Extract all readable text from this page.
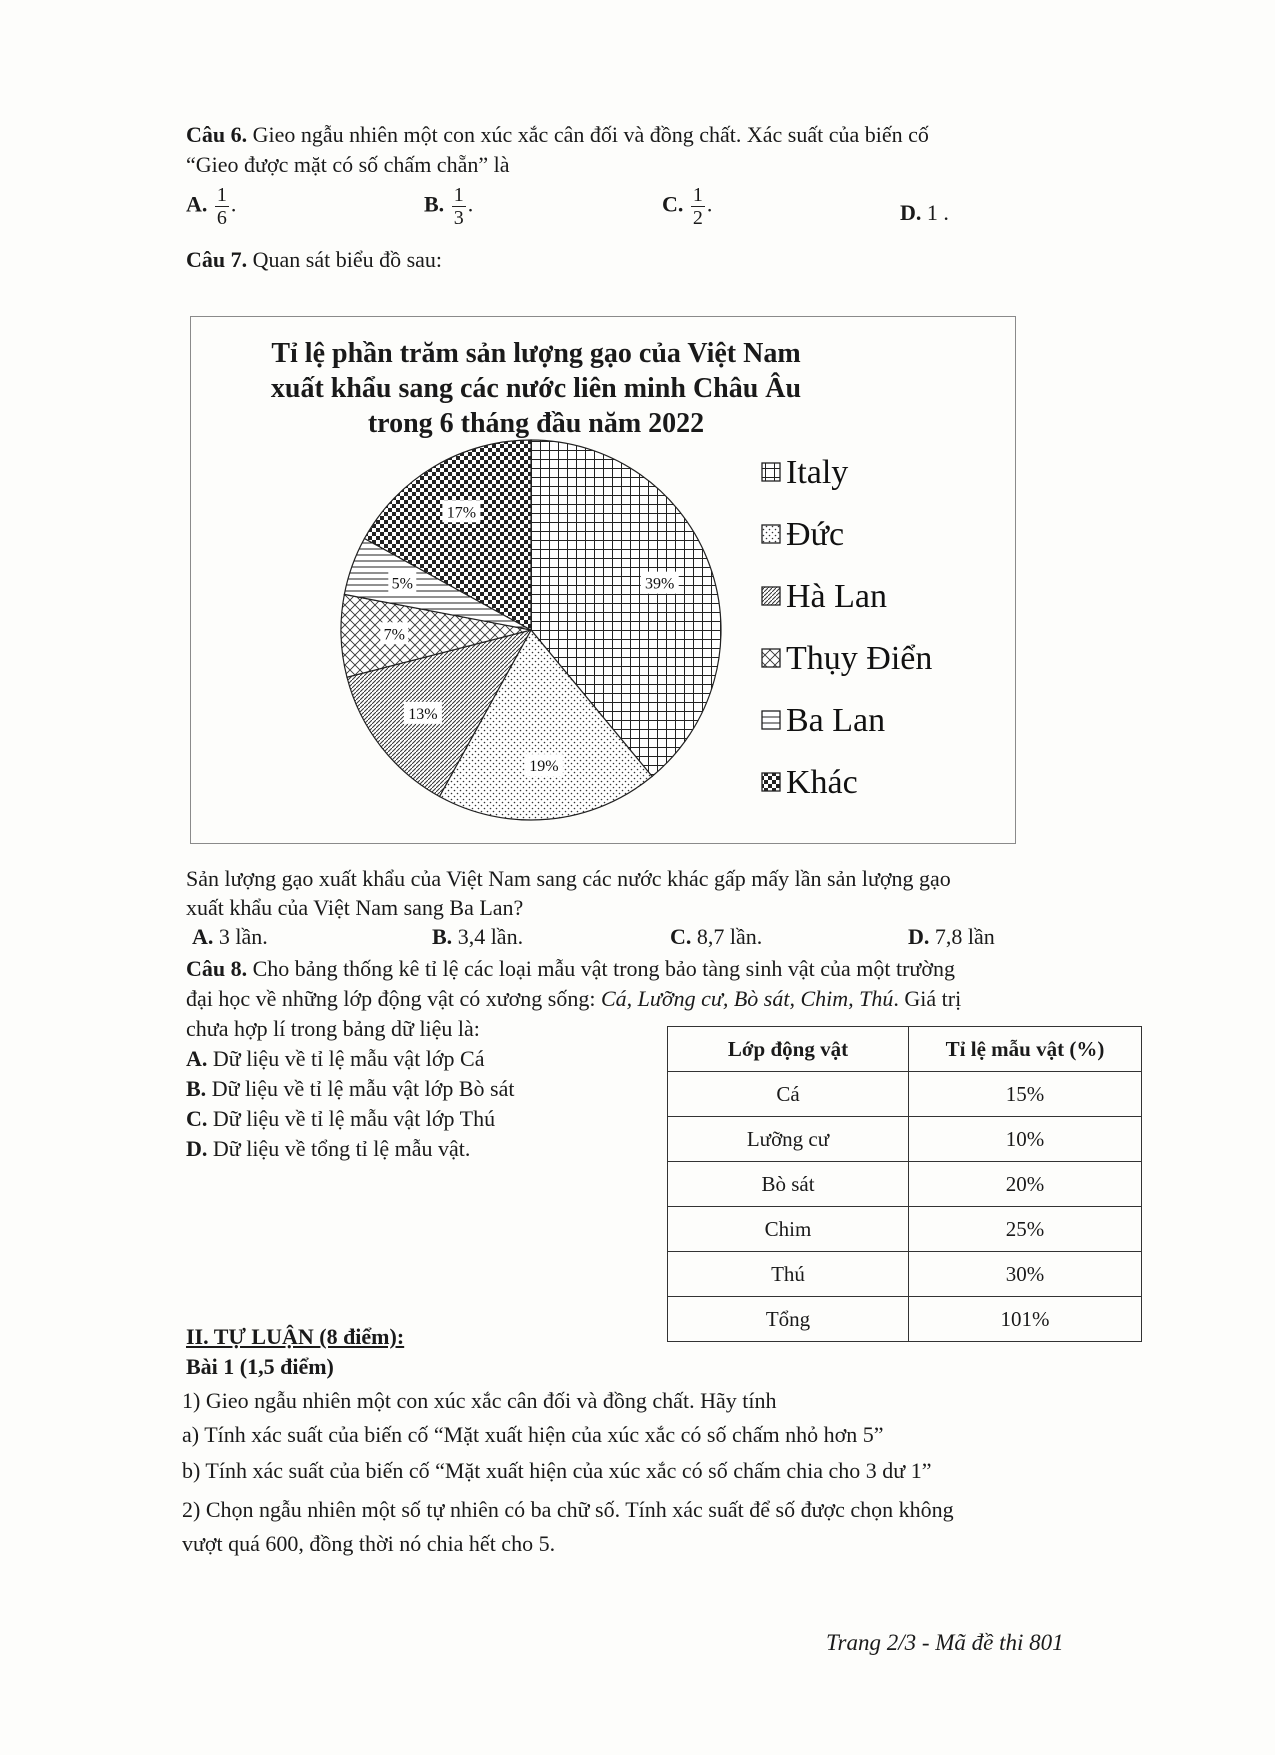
Câu 6. Gieo ngẫu nhiên một con xúc xắc cân đối và đồng chất. Xác suất của biến cố
“Gieo được mặt có số chấm chẵn” là
A. $\frac{1}{6}$ .	B. $\frac{1}{3}$ .	C. $\frac{1}{2}$ .	D. 1 .
Câu 7. Quan sát biểu đồ sau:
39%
19%
13%
7%
5%
17%
Italy
Đức
Hà Lan
Thụy Điển
Ba Lan
Khác
Tỉ lệ phần trăm sản lượng gạo của Việt Nam
xuất khẩu sang các nước liên minh Châu Âu
trong 6 tháng đầu năm 2022
Sản lượng gạo xuất khẩu của Việt Nam sang các nước khác gấp mấy lần sản lượng gạo
xuất khẩu của Việt Nam sang Ba Lan?
A. 3 lần.	B. 3,4 lần.	C. 8,7 lần.	D. 7,8 lần
Câu 8. Cho bảng thống kê tỉ lệ các loại mẫu vật trong bảo tàng sinh vật của một trường
đại học về những lớp động vật có xương sống: Cá, Lưỡng cư, Bò sát, Chim, Thú. Giá trị
chưa hợp lí trong bảng dữ liệu là:
A. Dữ liệu về tỉ lệ mẫu vật lớp Cá
B. Dữ liệu về tỉ lệ mẫu vật lớp Bò sát
C. Dữ liệu về tỉ lệ mẫu vật lớp Thú
D. Dữ liệu về tổng tỉ lệ mẫu vật.
Lớp động vật	Tỉ lệ mẫu vật (%)
Cá	15%
Lưỡng cư	10%
Bò sát	20%
Chim	25%
Thú	30%
Tổng	101%
II. TỰ LUẬN (8 điểm):
Bài 1 (1,5 điểm)
1) Gieo ngẫu nhiên một con xúc xắc cân đối và đồng chất. Hãy tính
a) Tính xác suất của biến cố “Mặt xuất hiện của xúc xắc có số chấm nhỏ hơn 5”
b) Tính xác suất của biến cố “Mặt xuất hiện của xúc xắc có số chấm chia cho 3 dư 1”
2) Chọn ngẫu nhiên một số tự nhiên có ba chữ số. Tính xác suất để số được chọn không
vượt quá 600, đồng thời nó chia hết cho 5.
Trang 2/3 - Mã đề thi 801
